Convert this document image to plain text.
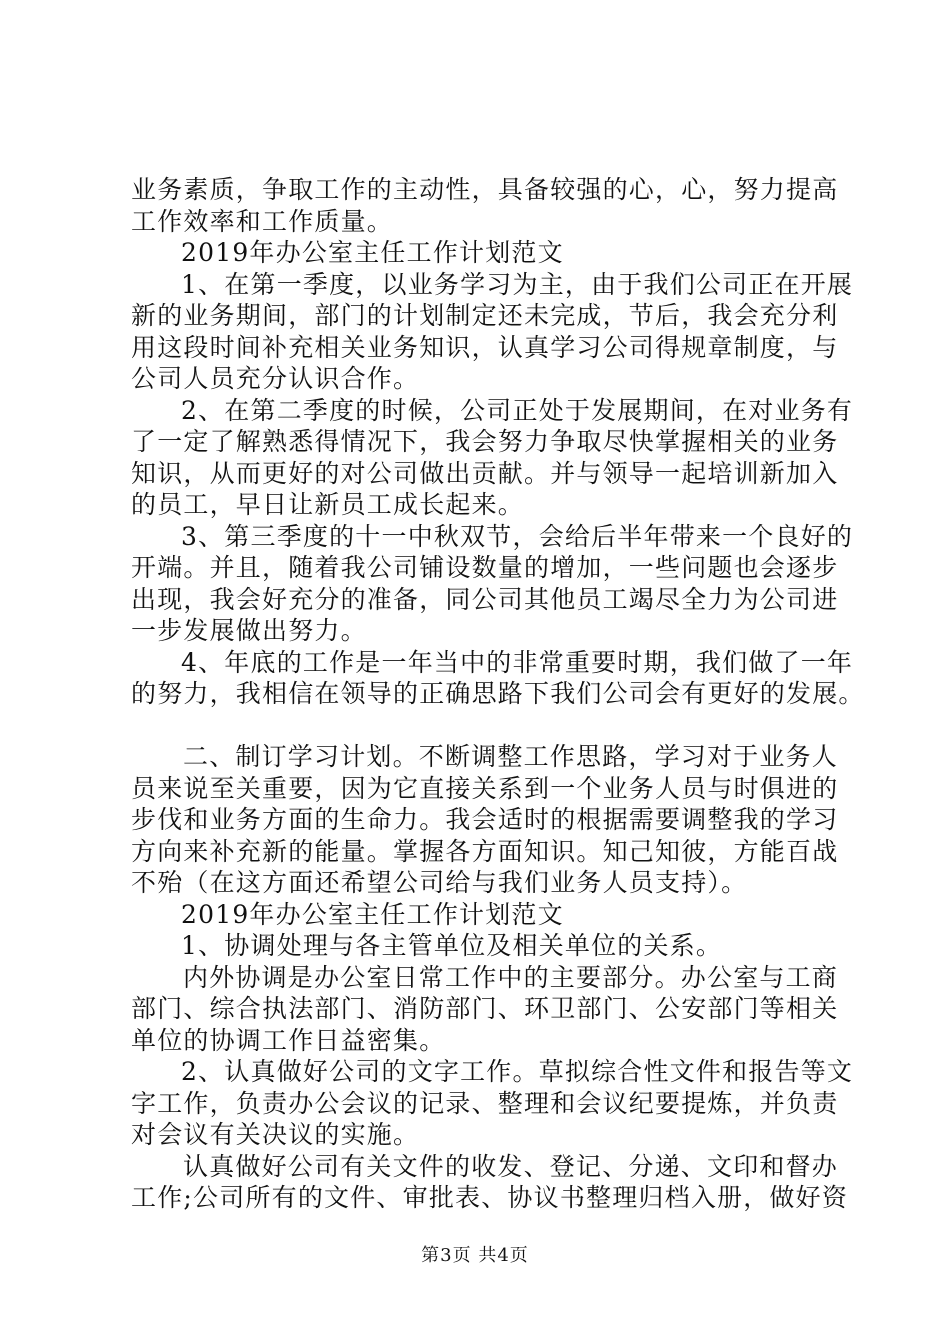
业务素质，争取工作的主动性，具备较强的心，心，努力提高
工作效率和工作质量。
2019年办公室主任工作计划范文
1、在第一季度，以业务学习为主，由于我们公司正在开展
新的业务期间，部门的计划制定还未完成，节后，我会充分利
用这段时间补充相关业务知识，认真学习公司得规章制度，与
公司人员充分认识合作。
2、在第二季度的时候，公司正处于发展期间，在对业务有
了一定了解熟悉得情况下，我会努力争取尽快掌握相关的业务
知识，从而更好的对公司做出贡献。并与领导一起培训新加入
的员工，早日让新员工成长起来。
3、第三季度的十一中秋双节，会给后半年带来一个良好的
开端。并且，随着我公司铺设数量的增加，一些问题也会逐步
出现，我会好充分的准备，同公司其他员工竭尽全力为公司进
一步发展做出努力。
4、年底的工作是一年当中的非常重要时期，我们做了一年
的努力，我相信在领导的正确思路下我们公司会有更好的发展。
二、制订学习计划。不断调整工作思路，学习对于业务人
员来说至关重要，因为它直接关系到一个业务人员与时俱进的
步伐和业务方面的生命力。我会适时的根据需要调整我的学习
方向来补充新的能量。掌握各方面知识。知己知彼，方能百战
不殆（在这方面还希望公司给与我们业务人员支持）。
2019年办公室主任工作计划范文
1、协调处理与各主管单位及相关单位的关系。
内外协调是办公室日常工作中的主要部分。办公室与工商
部门、综合执法部门、消防部门、环卫部门、公安部门等相关
单位的协调工作日益密集。
2、认真做好公司的文字工作。草拟综合性文件和报告等文
字工作，负责办公会议的记录、整理和会议纪要提炼，并负责
对会议有关决议的实施。
认真做好公司有关文件的收发、登记、分递、文印和督办
工作;公司所有的文件、审批表、协议书整理归档入册，做好资
第3页 共4页
